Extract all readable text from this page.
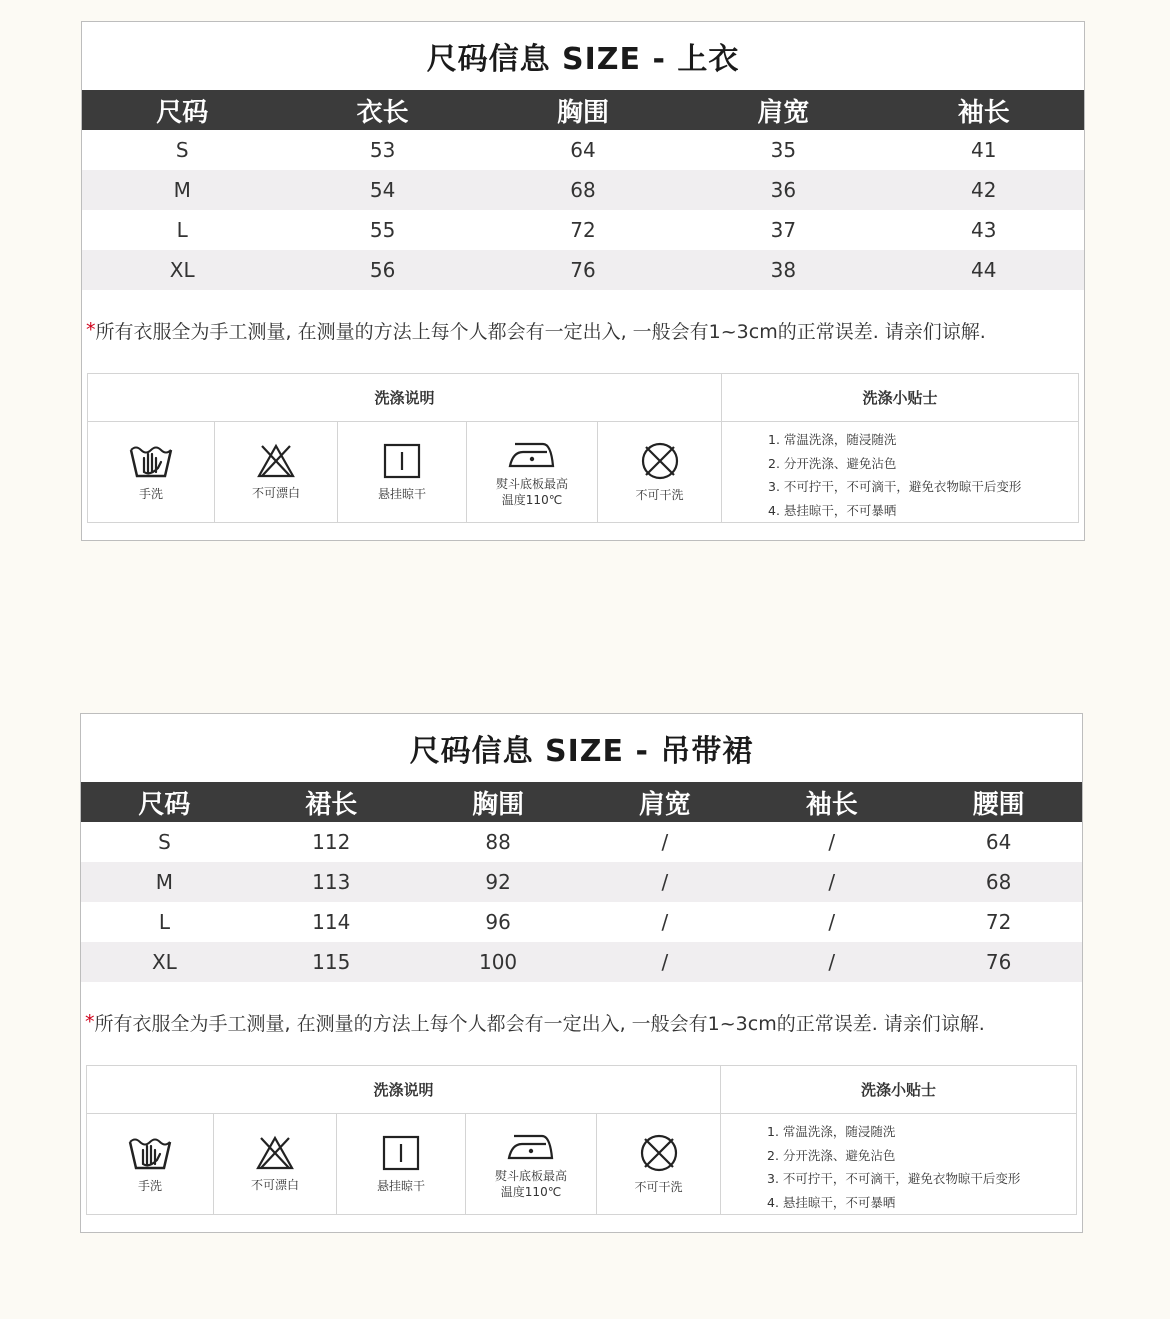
尺码信息 SIZE - 上衣
尺码	衣长	胸围	肩宽	袖长
S	53	64	35	41
M	54	68	36	42
L	55	72	37	43
XL	56	76	38	44
* 所有衣服全为手工测量, 在测量的方法上每个人都会有一定出入, 一般会有1~3cm的正常误差. 请亲们谅解.
洗涤说明
手洗	不可漂白	悬挂晾干
熨斗底板最高
温度110℃	不可干洗
洗涤小贴士
1. 常温洗涤，随浸随洗
2. 分开洗涤、避免沾色
3. 不可拧干，不可滴干，避免衣物晾干后变形
4. 悬挂晾干，不可暴晒
尺码信息 SIZE - 吊带裙
尺码	裙长	胸围	肩宽	袖长	腰围
S	112	88	/	/	64
M	113	92	/	/	68
L	114	96	/	/	72
XL	115	100	/	/	76
* 所有衣服全为手工测量, 在测量的方法上每个人都会有一定出入, 一般会有1~3cm的正常误差. 请亲们谅解.
洗涤说明
手洗	不可漂白	悬挂晾干
熨斗底板最高
温度110℃	不可干洗
洗涤小贴士
1. 常温洗涤，随浸随洗
2. 分开洗涤、避免沾色
3. 不可拧干，不可滴干，避免衣物晾干后变形
4. 悬挂晾干，不可暴晒
